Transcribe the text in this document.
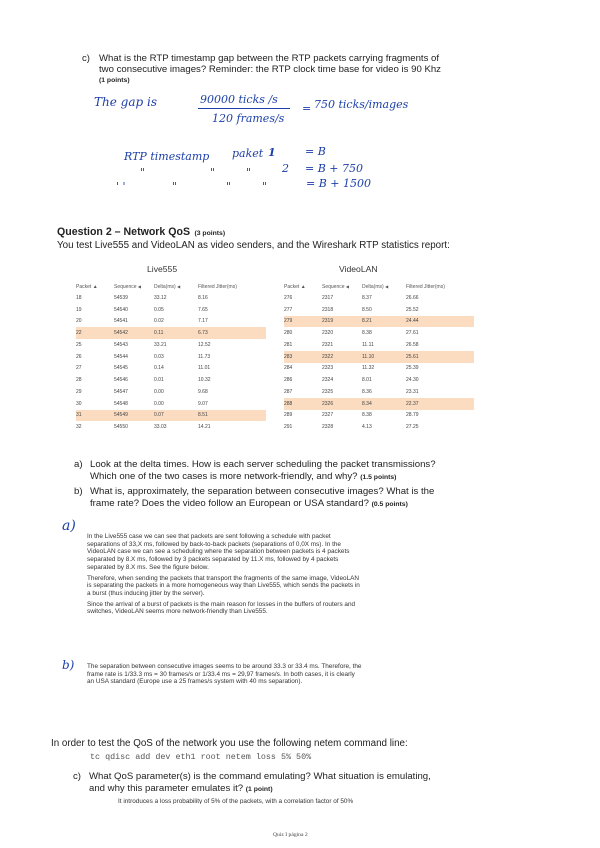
c) What is the RTP timestamp gap between the RTP packets carrying fragments of
two consecutive images? Reminder: the RTP clock time base for video is 90 Khz
(1 points)
The gap is	90000 ticks /s
120 frames/s
= 750 ticks/images
RTP timestamp paket 1	= B
"	"	"	2 = B + 750
' '	"	"	"	= B + 1500
Question 2 – Network QoS (3 points)
You test Live555 and VideoLAN as video senders, and the Wireshark RTP statistics report:
Live555
Packet ▲	Sequence ◀	Delta(ms) ◀	Filtered Jitter(ms)
18	54539	33.12	8.16
19	54540	0.05	7.65
20	54541	0.02	7.17
22	54542	0.11	6.73
25	54543	33.21	12.52
26	54544	0.03	11.73
27	54545	0.14	11.01
28	54546	0.01	10.32
29	54547	0.00	9.68
30	54548	0.00	9.07
31	54549	0.07	8.51
32	54550	33.03	14.21
VideoLAN
Packet ▲	Sequence ◀	Delta(ms) ◀	Filtered Jitter(ms)
276	2317	8.37	26.66
277	2318	8.50	25.52
279	2319	8.21	24.44
280	2320	8.38	27.61
281	2321	11.11	26.58
283	2322	11.10	25.61
284	2323	11.32	25.39
286	2324	8.01	24.30
287	2325	8.36	23.31
288	2326	8.34	22.37
289	2327	8.38	28.79
291	2328	4.13	27.25
a) Look at the delta times. How is each server scheduling the packet transmissions?
Which one of the two cases is more network-friendly, and why? (1.5 points)
b) What is, approximately, the separation between consecutive images? What is the
frame rate? Does the video follow an European or USA standard? (0.5 points)
a)

In the Live555 case we can see that packets are sent following a schedule with packet separations of 33,X ms, followed by back-to-back packets (separations of 0,0X ms). In the VideoLAN case we can see a scheduling where the separation between packets is 4 packets separated by 8.X ms, followed by 3 packets separated by 11.X ms, followed by 4 packets separated by 8.X ms. See the figure below.

Therefore, when sending the packets that transport the fragments of the same image, VideoLAN is separating the packets in a more homogeneous way than Live555, which sends the packets in a burst (thus inducing jitter by the server).

Since the arrival of a burst of packets is the main reason for losses in the buffers of routers and switches, VideoLAN seems more network-friendly than Live555.

b) The separation between consecutive images seems to be around 33.3 or 33.4 ms. Therefore, the frame rate is 1/33.3 ms = 30 frames/s or 1/33.4 ms = 29,97 frames/s. In both cases, it is clearly an USA standard (Europe use a 25 frames/s system with 40 ms separation).

In order to test the QoS of the network you use the following netem command line:
tc qdisc add dev eth1 root netem loss 5% 50%
c) What QoS parameter(s) is the command emulating? What situation is emulating,
and why this parameter emulates it? (1 point)
It introduces a loss probability of 5% of the packets, with a correlation factor of 50%
Quiz I página 2
